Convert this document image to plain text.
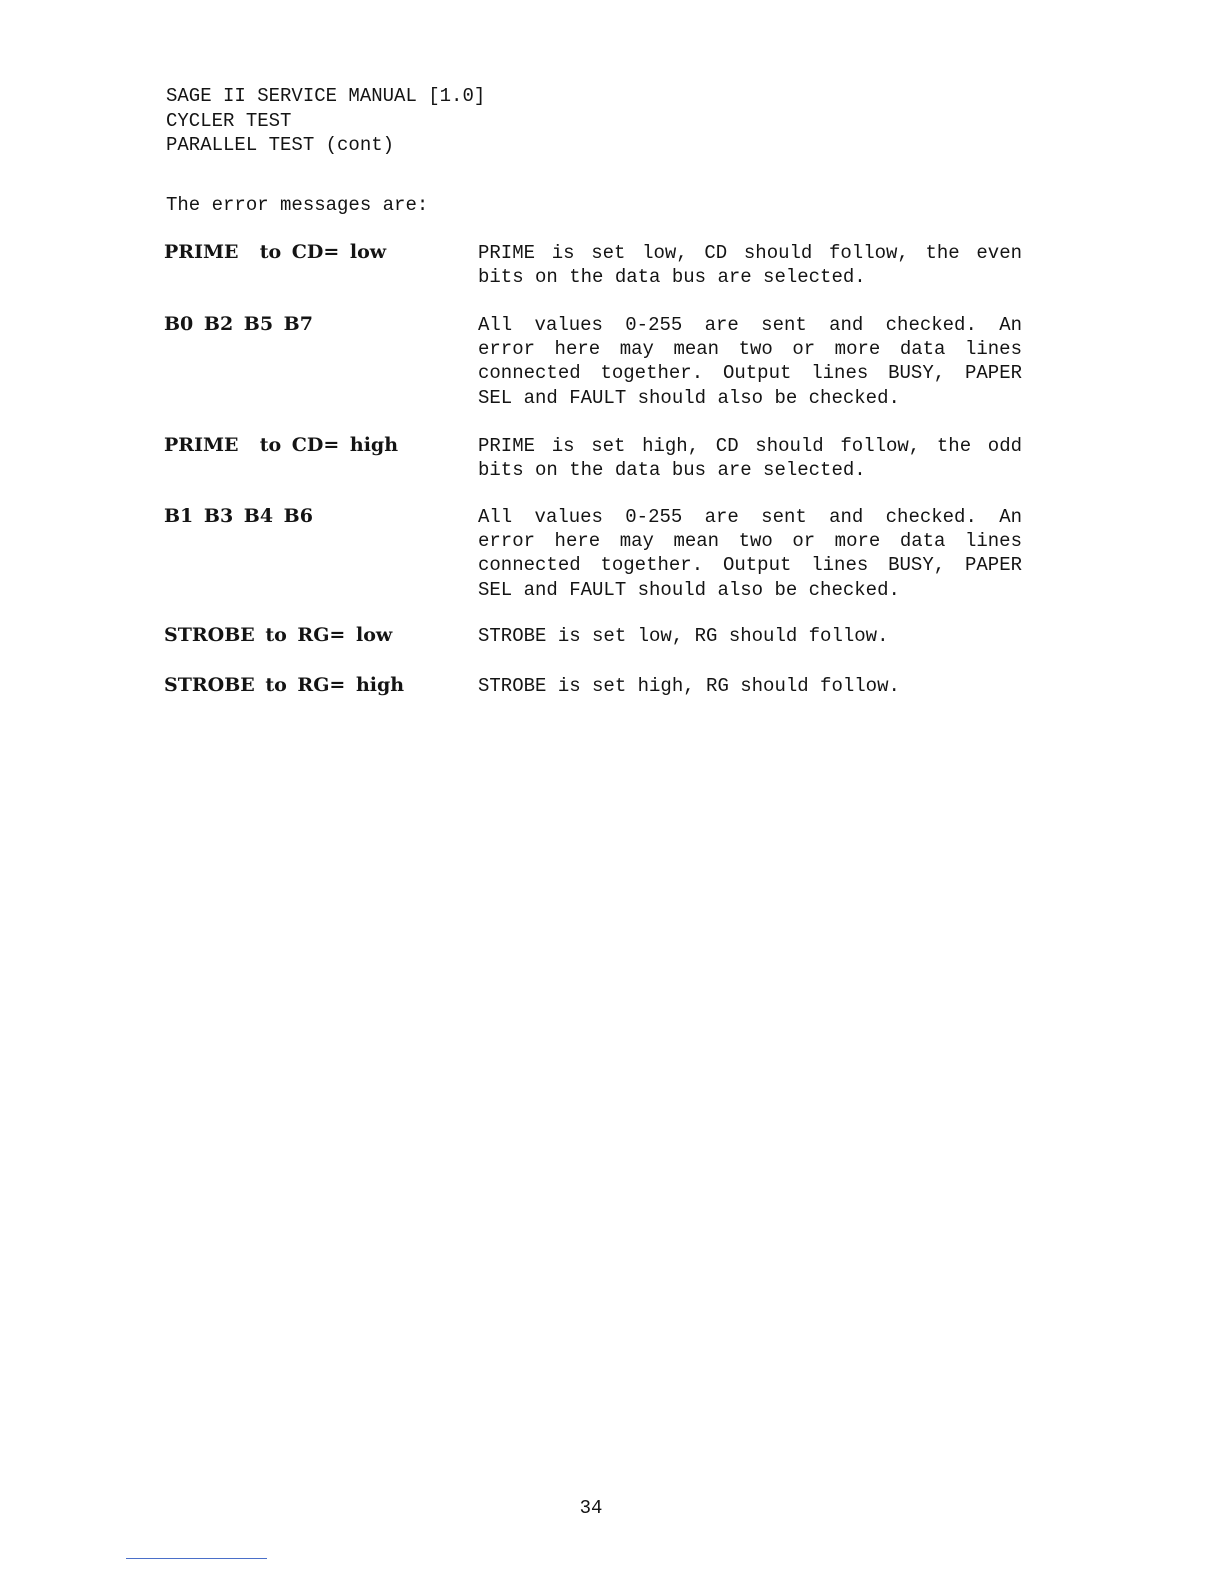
SAGE II SERVICE MANUAL [1.0]
CYCLER TEST
PARALLEL TEST (cont)
The error messages are:
PRIME  to CD= low	PRIME is set low, CD should follow, the even
bits on the data bus are selected.
B0 B2 B5 B7	All values 0-255 are sent and checked. An
error here may mean two or more data lines
connected together. Output lines BUSY, PAPER
SEL and FAULT should also be checked.
PRIME  to CD= high	PRIME is set high, CD should follow, the odd
bits on the data bus are selected.
B1 B3 B4 B6	All values 0-255 are sent and checked. An
error here may mean two or more data lines
connected together. Output lines BUSY, PAPER
SEL and FAULT should also be checked.
STROBE to RG= low	STROBE is set low, RG should follow.
STROBE to RG= high	STROBE is set high, RG should follow.
34
